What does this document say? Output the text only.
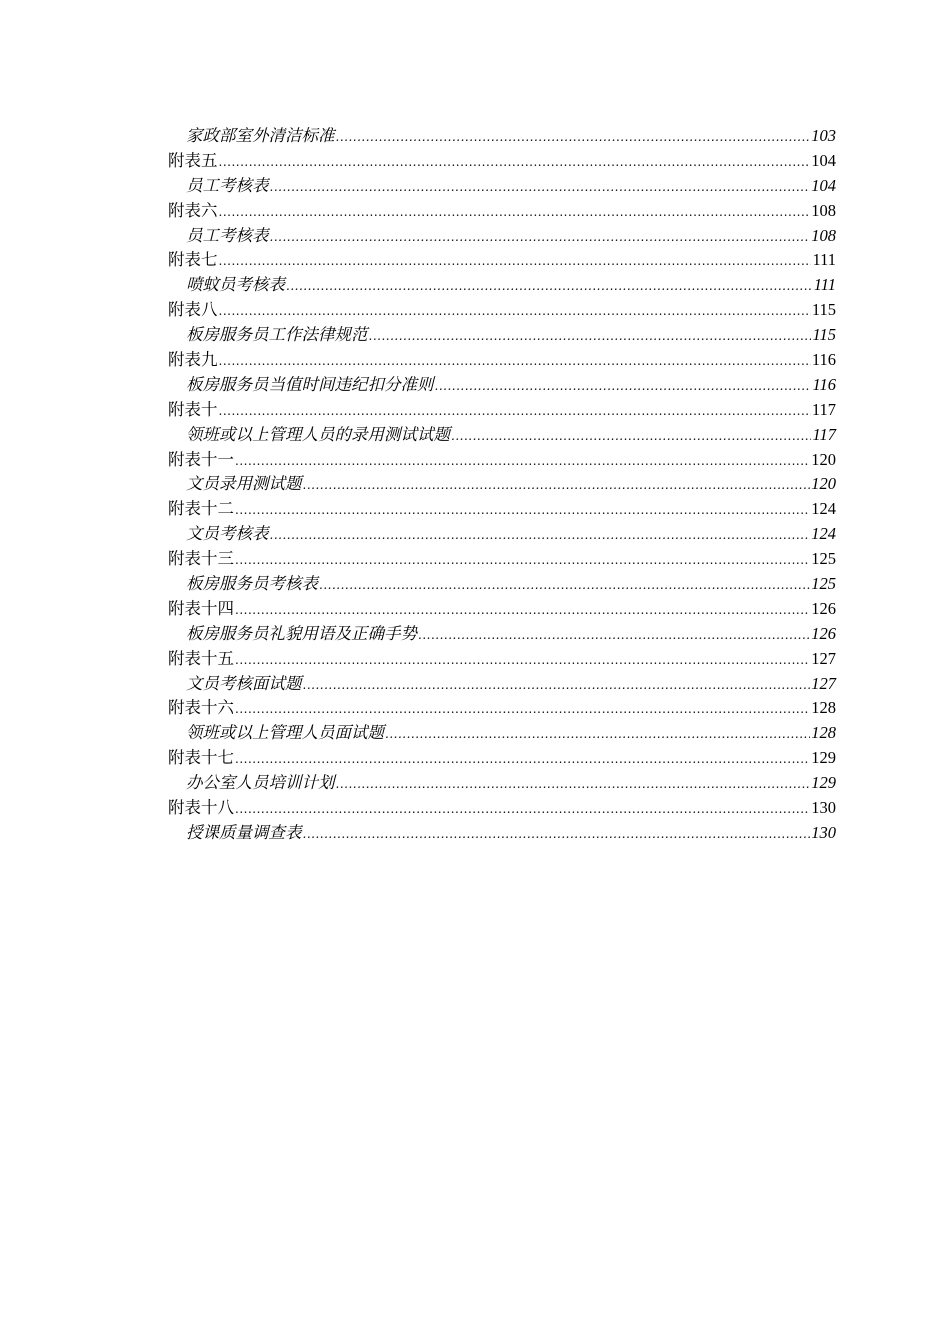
家政部室外清洁标准 .....	103
附表五 .....	104
员工考核表 .....	104
附表六 .....	108
员工考核表 .....	108
附表七 .....	111
喷蚊员考核表 .....	111
附表八 .....	115
板房服务员工作法律规范 .....	115
附表九 .....	116
板房服务员当值时间违纪扣分准则 .....	116
附表十 .....	117
领班或以上管理人员的录用测试试题 .....	117
附表十一 .....	120
文员录用测试题 .....	120
附表十二 .....	124
文员考核表 .....	124
附表十三 .....	125
板房服务员考核表 .....	125
附表十四 .....	126
板房服务员礼貌用语及正确手势 .....	126
附表十五 .....	127
文员考核面试题 .....	127
附表十六 .....	128
领班或以上管理人员面试题 .....	128
附表十七 .....	129
办公室人员培训计划 .....	129
附表十八 .....	130
授课质量调查表 .....	130
